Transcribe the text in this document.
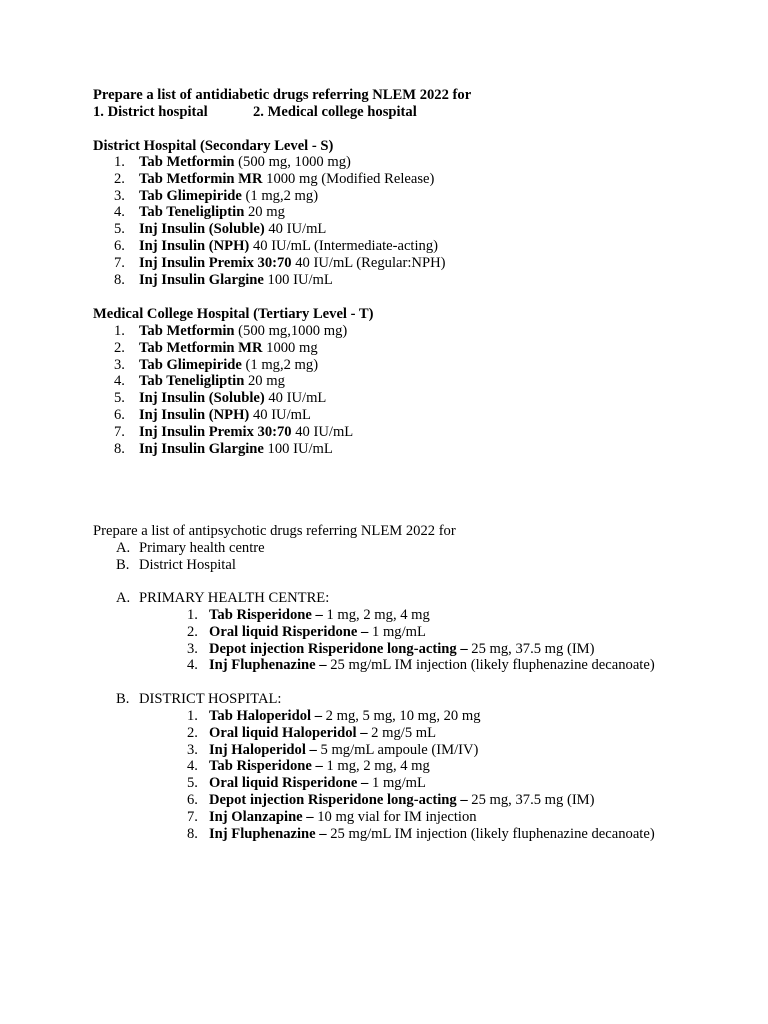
Prepare a list of antidiabetic drugs referring NLEM 2022 for

1. District hospital	2. Medical college hospital

District Hospital (Secondary Level - S)

1. Tab Metformin (500 mg, 1000 mg)
2. Tab Metformin MR 1000 mg (Modified Release)
3. Tab Glimepiride (1 mg,2 mg)
4. Tab Teneligliptin 20 mg
5. Inj Insulin (Soluble) 40 IU/mL
6. Inj Insulin (NPH) 40 IU/mL (Intermediate-acting)
7. Inj Insulin Premix 30:70 40 IU/mL (Regular:NPH)
8. Inj Insulin Glargine 100 IU/mL

Medical College Hospital (Tertiary Level - T)

1. Tab Metformin (500 mg,1000 mg)
2. Tab Metformin MR 1000 mg
3. Tab Glimepiride (1 mg,2 mg)
4. Tab Teneligliptin 20 mg
5. Inj Insulin (Soluble) 40 IU/mL
6. Inj Insulin (NPH) 40 IU/mL
7. Inj Insulin Premix 30:70 40 IU/mL
8. Inj Insulin Glargine 100 IU/mL

Prepare a list of antipsychotic drugs referring NLEM 2022 for

A. Primary health centre
B. District Hospital
A. PRIMARY HEALTH CENTRE:
1. Tab Risperidone – 1 mg, 2 mg, 4 mg
2. Oral liquid Risperidone – 1 mg/mL
3. Depot injection Risperidone long-acting – 25 mg, 37.5 mg (IM)
4. Inj Fluphenazine – 25 mg/mL IM injection (likely fluphenazine decanoate)
B. DISTRICT HOSPITAL:
1. Tab Haloperidol – 2 mg, 5 mg, 10 mg, 20 mg
2. Oral liquid Haloperidol – 2 mg/5 mL
3. Inj Haloperidol – 5 mg/mL ampoule (IM/IV)
4. Tab Risperidone – 1 mg, 2 mg, 4 mg
5. Oral liquid Risperidone – 1 mg/mL
6. Depot injection Risperidone long-acting – 25 mg, 37.5 mg (IM)
7. Inj Olanzapine – 10 mg vial for IM injection
8. Inj Fluphenazine – 25 mg/mL IM injection (likely fluphenazine decanoate)
